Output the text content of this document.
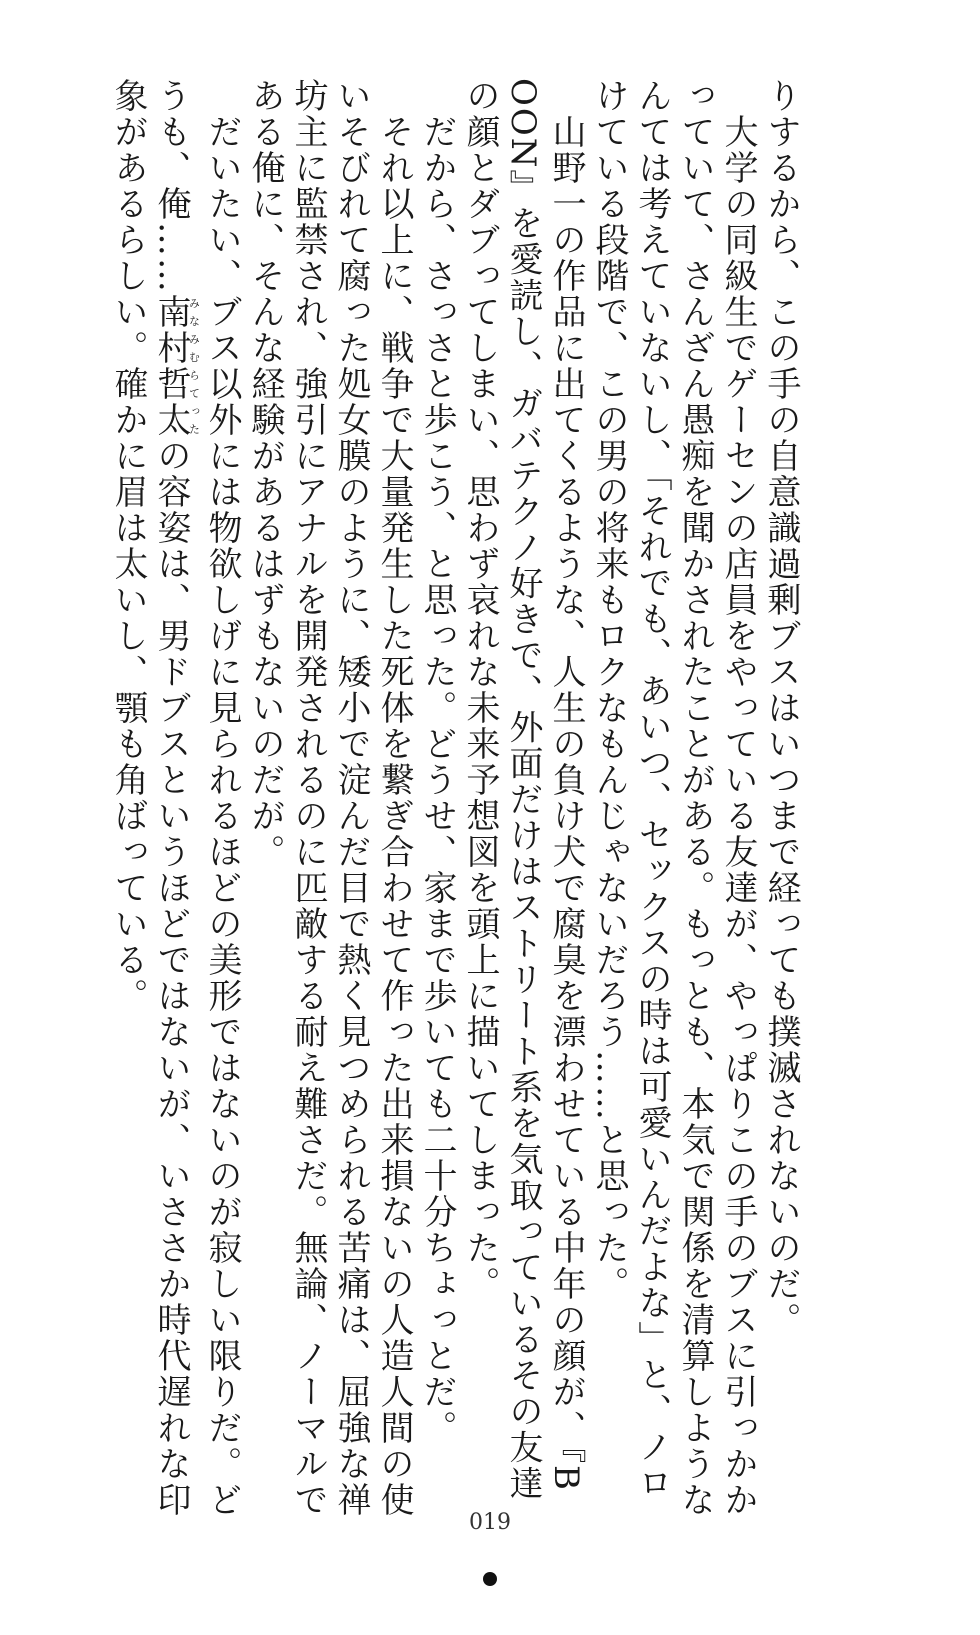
りするから、この手の自意識過剰ブスはいつまで経っても撲滅されないのだ。

　大学の同級生でゲーセンの店員をやっている友達が、やっぱりこの手のブスに引っかか

っていて、さんざん愚痴を聞かされたことがある。もっとも、本気で関係を清算しような

んては考えていないし、「それでも、あいつ、セックスの時は可愛いんだよな」と、ノロ

けている段階で、この男の将来もロクなもんじゃないだろう……と思った。

　山野一の作品に出てくるような、人生の負け犬で腐臭を漂わせている中年の顔が、『B

OON』を愛読し、ガバテクノ好きで、外面だけはストリート系を気取っているその友達

の顔とダブってしまい、思わず哀れな未来予想図を頭上に描いてしまった。

　だから、さっさと歩こう、と思った。どうせ、家まで歩いても二十分ちょっとだ。

　それ以上に、戦争で大量発生した死体を繋ぎ合わせて作った出来損ないの人造人間の使

いそびれて腐った処女膜のように、矮小で淀んだ目で熱く見つめられる苦痛は、屈強な禅

坊主に監禁され、強引にアナルを開発されるのに匹敵する耐え難さだ。無論、ノーマルで

ある俺に、そんな経験があるはずもないのだが。

　だいたい、ブス以外には物欲しげに見られるほどの美形ではないのが寂しい限りだ。ど

うも、俺……南村哲太みなみむらてったの容姿は、男ドブスというほどではないが、いささか時代遅れな印

象があるらしい。確かに眉は太いし、顎も角ばっている。

019
